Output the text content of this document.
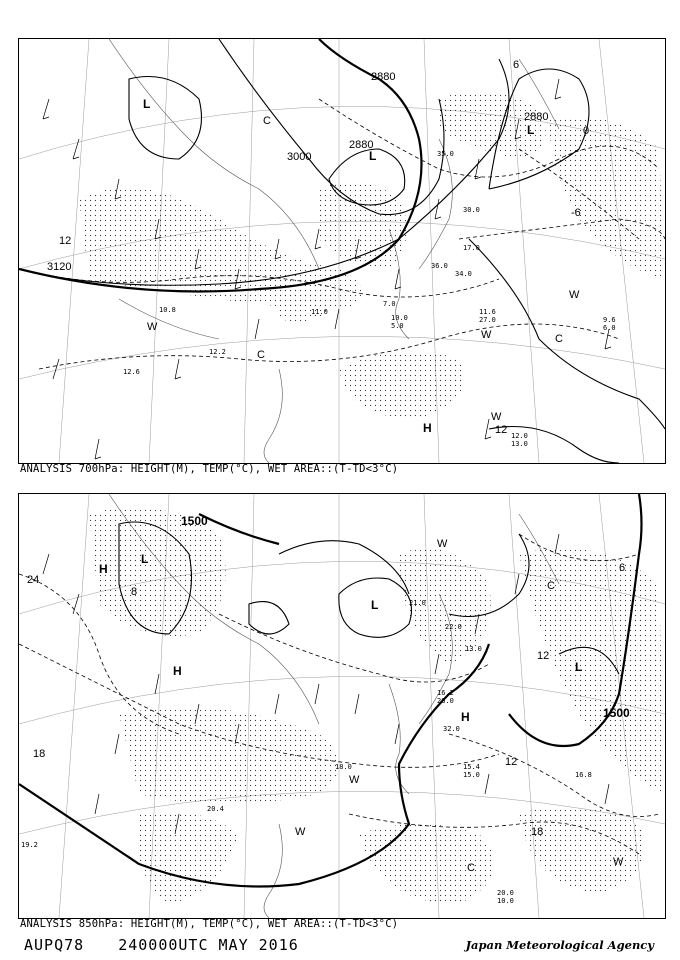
3120
3000
2880
2880
2880
12
12
0
-6
6
L
L
L
H
C
C
C
W
W
W
W
10.8
12.6
12.2
11.6
27.0
12.0
13.0
9.6
6.0
30.0
35.0
36.0
34.0
17.0
11.0
7.0
10.0
5.0
ANALYSIS 700hPa: HEIGHT(M), TEMP(°C), WET AREA::(T-TD<3°C)
1500
1500
24
18
12
6
12
18
8
L
L
L
H
H
H
W
W
W
W
C
C
20.4
19.2
15.4
15.0
20.0
10.0
16.8
16.2
26.0
32.0
22.0
21.0
13.0
18.0
ANALYSIS 850hPa: HEIGHT(M), TEMP(°C), WET AREA::(T-TD<3°C)
AUPQ78 240000UTC MAY 2016	Japan Meteorological Agency
